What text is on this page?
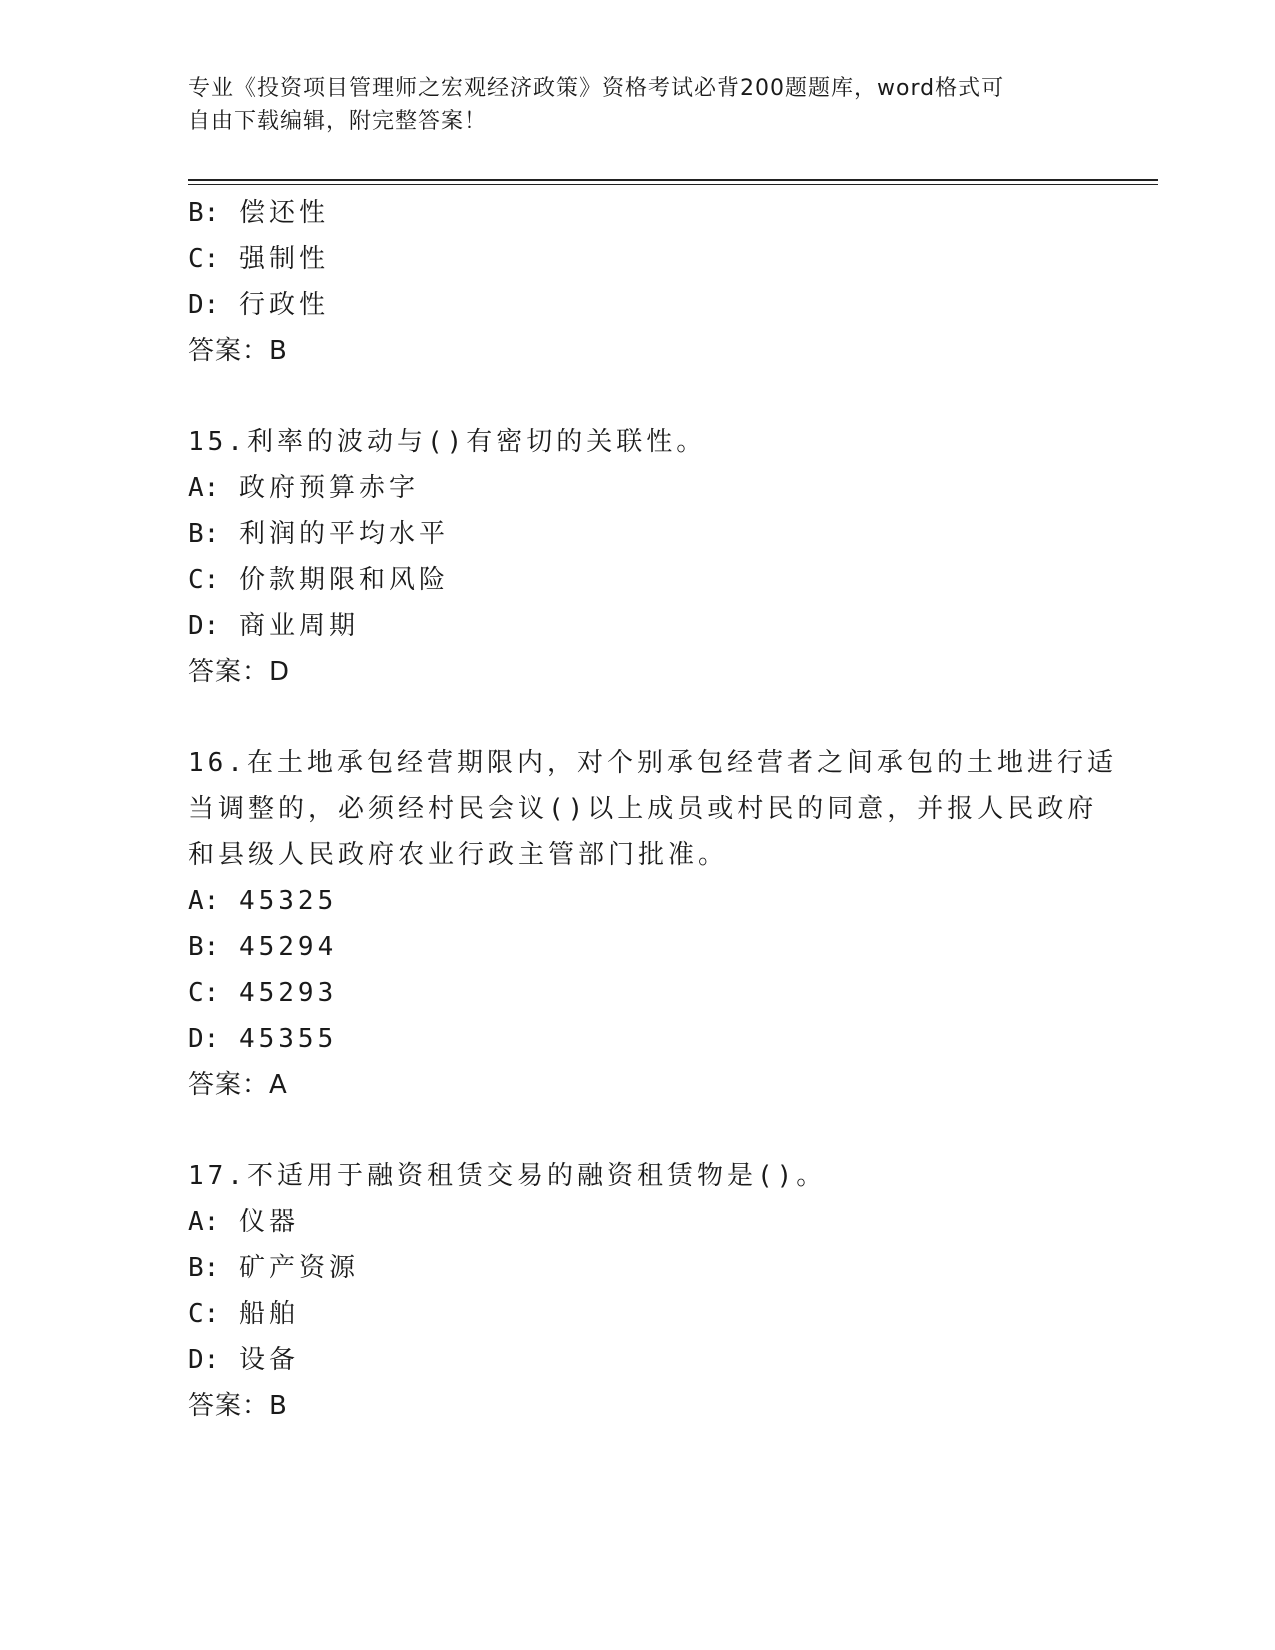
专业《投资项目管理师之宏观经济政策》资格考试必背200题题库，word格式可
自由下载编辑，附完整答案！
B: 偿还性
C: 强制性
D: 行政性
答案：B
15.利率的波动与()有密切的关联性。
A: 政府预算赤字
B: 利润的平均水平
C: 价款期限和风险
D: 商业周期
答案：D
16.在土地承包经营期限内，对个别承包经营者之间承包的土地进行适
当调整的，必须经村民会议()以上成员或村民的同意，并报人民政府
和县级人民政府农业行政主管部门批准。
A: 45325
B: 45294
C: 45293
D: 45355
答案：A
17.不适用于融资租赁交易的融资租赁物是()。
A: 仪器
B: 矿产资源
C: 船舶
D: 设备
答案：B
